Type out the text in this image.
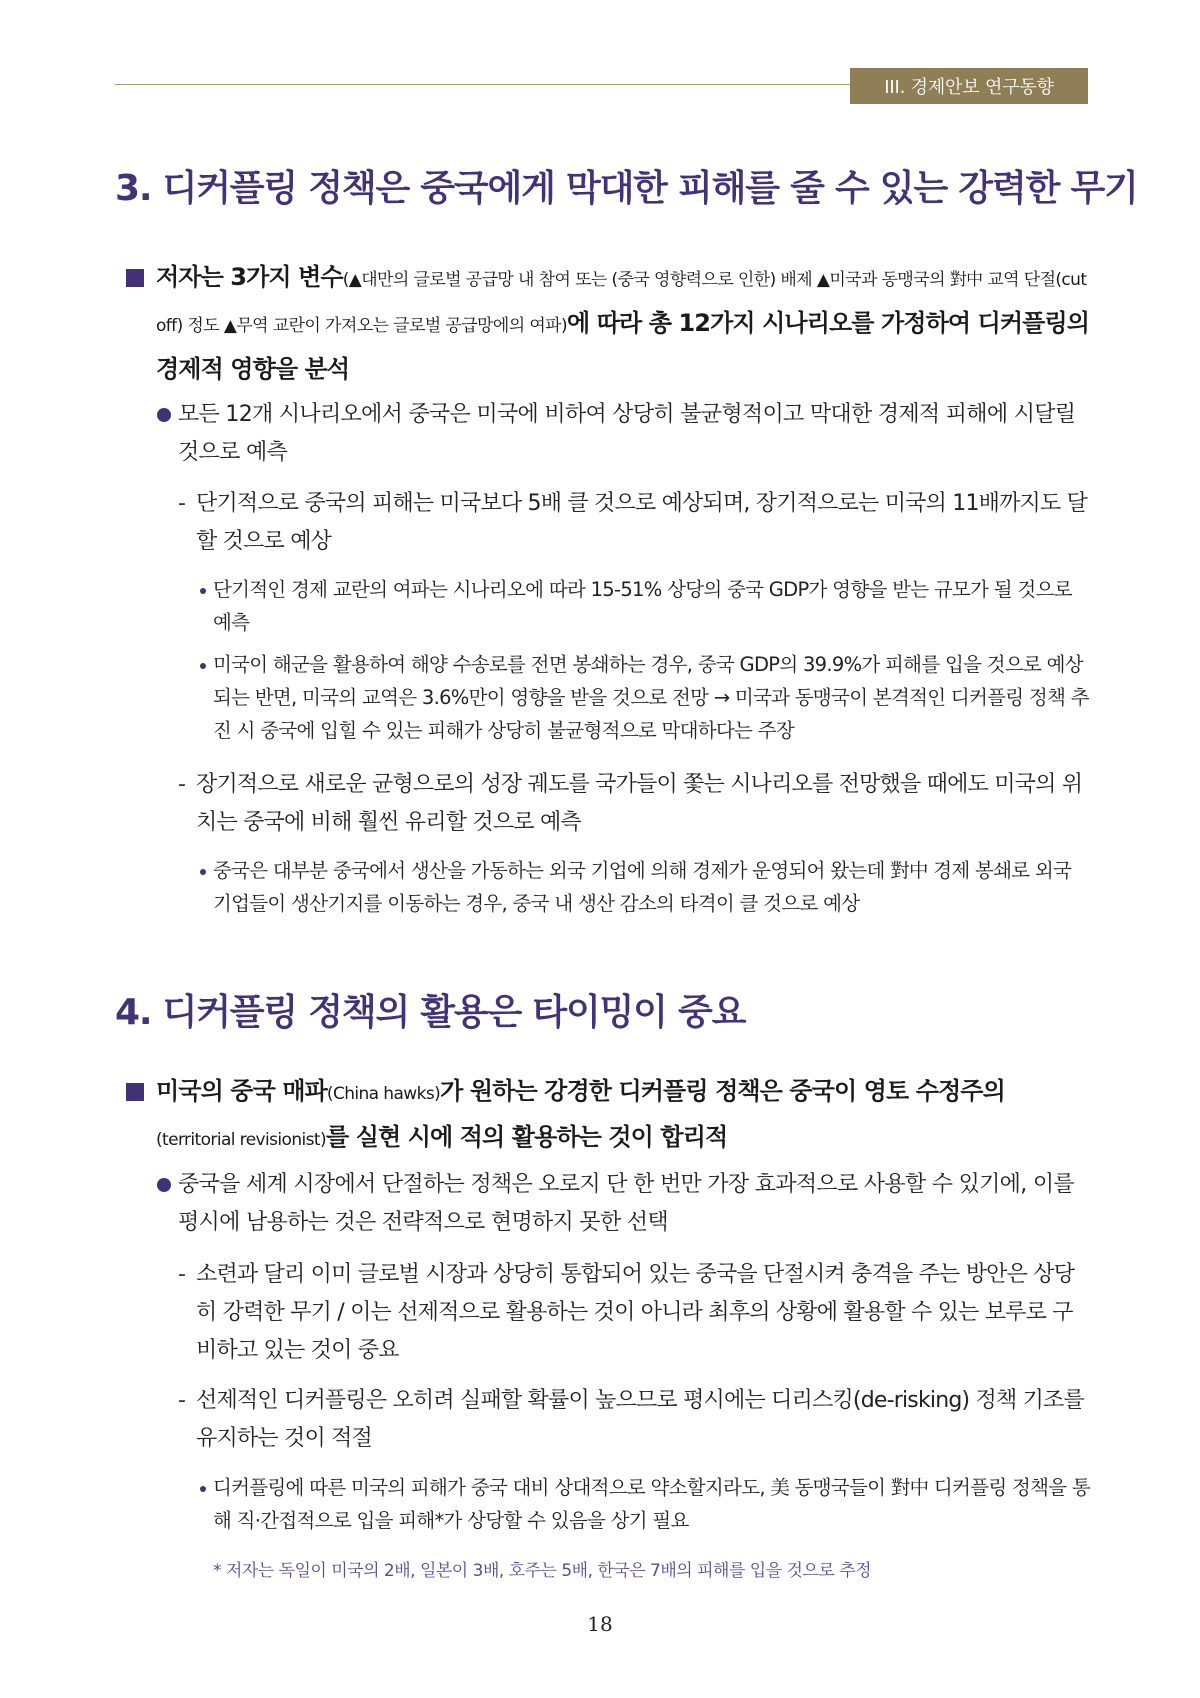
III. 경제안보 연구동향
3. 디커플링 정책은 중국에게 막대한 피해를 줄 수 있는 강력한 무기

저자는 3가지 변수(▲대만의 글로벌 공급망 내 참여 또는 (중국 영향력으로 인한) 배제 ▲미국과 동맹국의 對中 교역 단절(cut off) 정도 ▲무역 교란이 가져오는 글로벌 공급망에의 여파)에 따라 총 12가지 시나리오를 가정하여 디커플링의 경제적 영향을 분석

모든 12개 시나리오에서 중국은 미국에 비하여 상당히 불균형적이고 막대한 경제적 피해에 시달릴 것으로 예측

- 단기적으로 중국의 피해는 미국보다 5배 클 것으로 예상되며, 장기적으로는 미국의 11배까지도 달할 것으로 예상

단기적인 경제 교란의 여파는 시나리오에 따라 15-51% 상당의 중국 GDP가 영향을 받는 규모가 될 것으로 예측

미국이 해군을 활용하여 해양 수송로를 전면 봉쇄하는 경우, 중국 GDP의 39.9%가 피해를 입을 것으로 예상되는 반면, 미국의 교역은 3.6%만이 영향을 받을 것으로 전망 → 미국과 동맹국이 본격적인 디커플링 정책 추진 시 중국에 입힐 수 있는 피해가 상당히 불균형적으로 막대하다는 주장

- 장기적으로 새로운 균형으로의 성장 궤도를 국가들이 쫓는 시나리오를 전망했을 때에도 미국의 위치는 중국에 비해 훨씬 유리할 것으로 예측

중국은 대부분 중국에서 생산을 가동하는 외국 기업에 의해 경제가 운영되어 왔는데 對中 경제 봉쇄로 외국 기업들이 생산기지를 이동하는 경우, 중국 내 생산 감소의 타격이 클 것으로 예상

4. 디커플링 정책의 활용은 타이밍이 중요

미국의 중국 매파(China hawks)가 원하는 강경한 디커플링 정책은 중국이 영토 수정주의 (territorial revisionist)를 실현 시에 적의 활용하는 것이 합리적

중국을 세계 시장에서 단절하는 정책은 오로지 단 한 번만 가장 효과적으로 사용할 수 있기에, 이를 평시에 남용하는 것은 전략적으로 현명하지 못한 선택

- 소련과 달리 이미 글로벌 시장과 상당히 통합되어 있는 중국을 단절시켜 충격을 주는 방안은 상당히 강력한 무기 / 이는 선제적으로 활용하는 것이 아니라 최후의 상황에 활용할 수 있는 보루로 구비하고 있는 것이 중요

- 선제적인 디커플링은 오히려 실패할 확률이 높으므로 평시에는 디리스킹(de-risking) 정책 기조를 유지하는 것이 적절

디커플링에 따른 미국의 피해가 중국 대비 상대적으로 약소할지라도, 美 동맹국들이 對中 디커플링 정책을 통해 직·간접적으로 입을 피해*가 상당할 수 있음을 상기 필요

* 저자는 독일이 미국의 2배, 일본이 3배, 호주는 5배, 한국은 7배의 피해를 입을 것으로 추정

18
